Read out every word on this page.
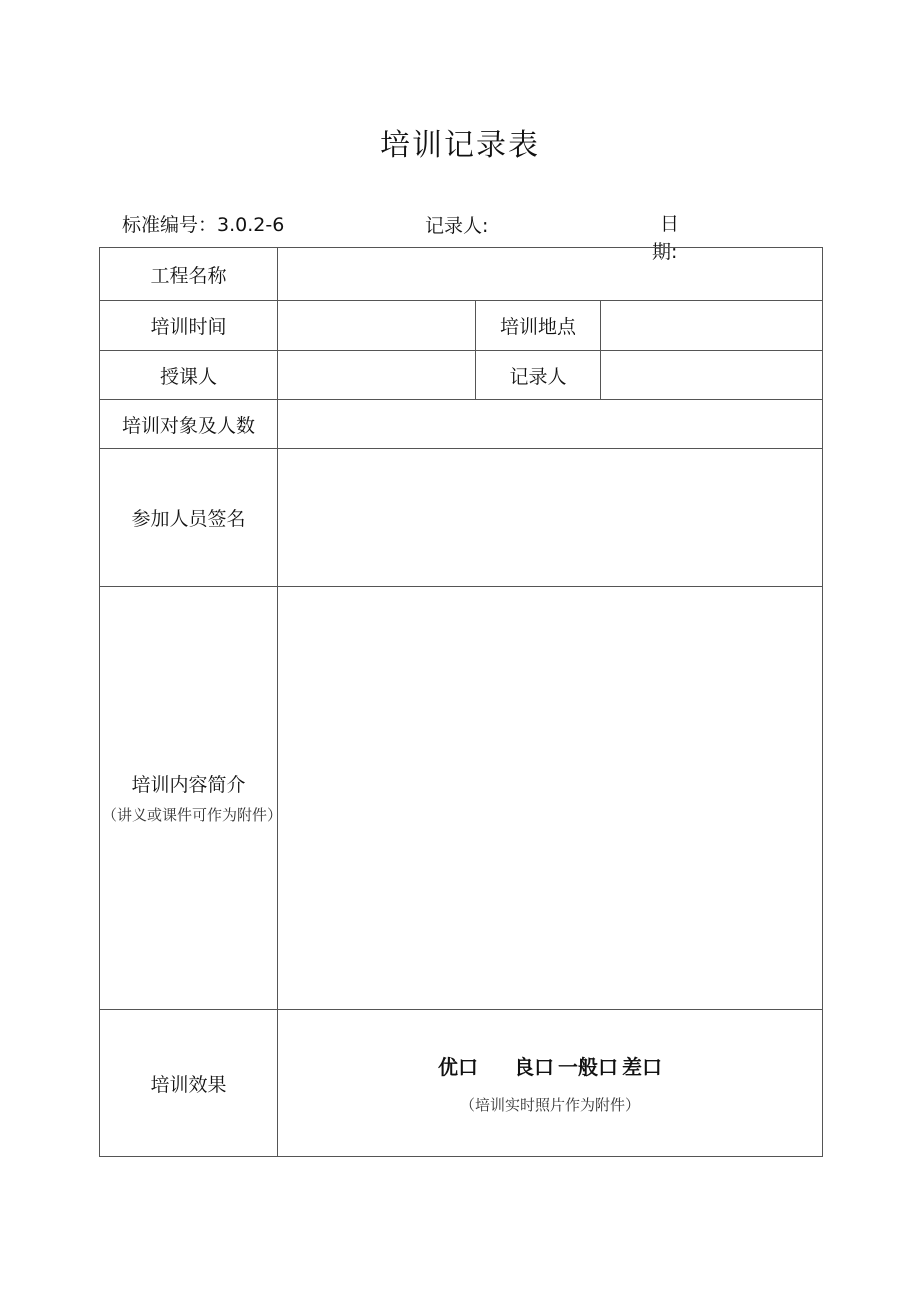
培训记录表
标准编号：3.0.2-6	记录人:	日
期:
工程名称			
培训时间		培训地点	
授课人		记录人	
培训对象及人数			
参加人员签名			

培训内容简介
（讲义或课件可作为附件）			

培训效果	优口 良口 一般口 差口
（培训实时照片作为附件）		
